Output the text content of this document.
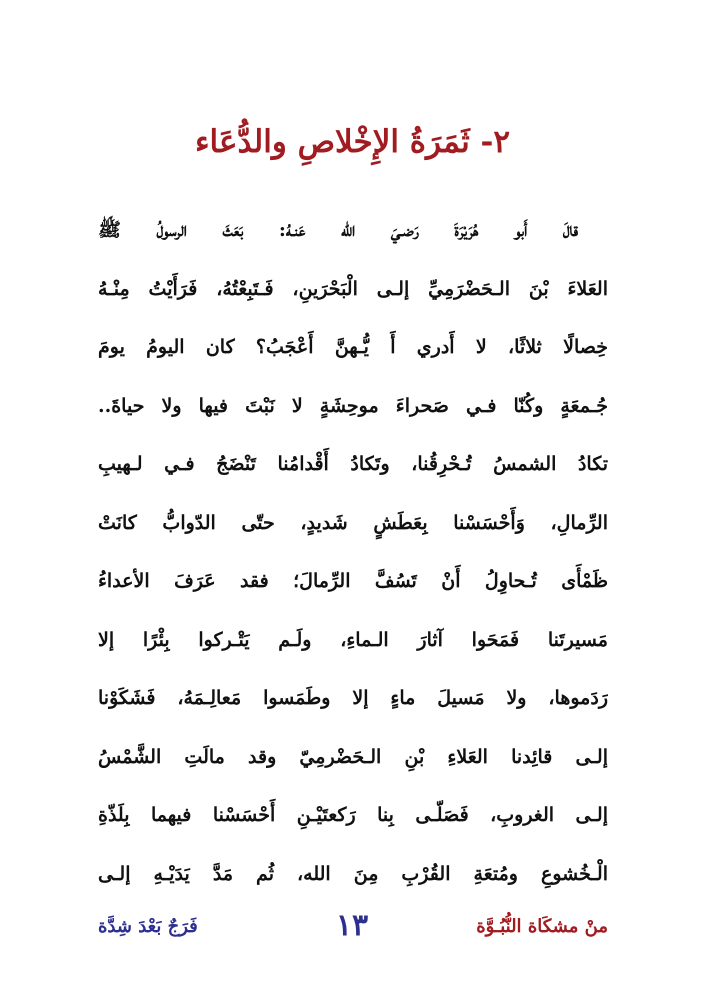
٢- ثَمَرَةُ الإِخْلاصِ والدُّعَاء
قالَ أَبو هُرَيْرَةَ رَضـيَ الله عَنـهُ: بَعَثَ الرسولُ ﷺ
العَلاءَ بْنَ الـحَضْرَمِيِّ إلـى الْبَحْرَينِ، فَـتَبِعْتُهُ، فَرَأَيْتُ مِنْـهُ
خِصالًا ثلاثًا، لا أَدري أَ يُّـهنَّ أَعْجَبُ؟ كان اليومُ يومَ
جُـمعَةٍ وكُنّا فـي صَحراءَ موحِشَةٍ لا نَبْتَ فيها ولا حياةَ..
تكادُ الشمسُ تُـحْرِقُنا، وتَكادُ أَقْدامُنا تَنْضَجُ فـي لـهيبِ
الرِّمالِ، وَأَحْسَسْنا بِعَطَشٍ شَديدٍ، حتّى الدّوابُّ كانَتْ
ظَمْأَى تُـحاوِلُ أَنْ تَسُفَّ الرِّمالَ؛ فقد عَرَفَ الأعداءُ
مَسيرتَنا فَمَحَوا آثارَ الـماءِ، ولَـم يَتْـركوا بِئْرًا إلا
رَدَموها، ولا مَسيلَ ماءٍ إلا وطَمَسوا مَعالِـمَهُ، فَشَكَوْنا
إلـى قائِدنا العَلاءِ بْنِ الـحَضْرمِيّ وقد مالَتِ الشَّمْسُ
إلـى الغروبِ، فَصَلّـى بِنا رَكعتَيْـنِ أَحْسَسْنا فيهما بِلَذّةِ
الْـخُشوعِ ومُتعَةِ القُرْبِ مِنَ الله، ثُم مَدَّ يَدَيْـهِ إلـى
منْ مشكَاة النُّبُـوَّة
١٣
فَرَجٌ بَعْدَ شِدَّة
